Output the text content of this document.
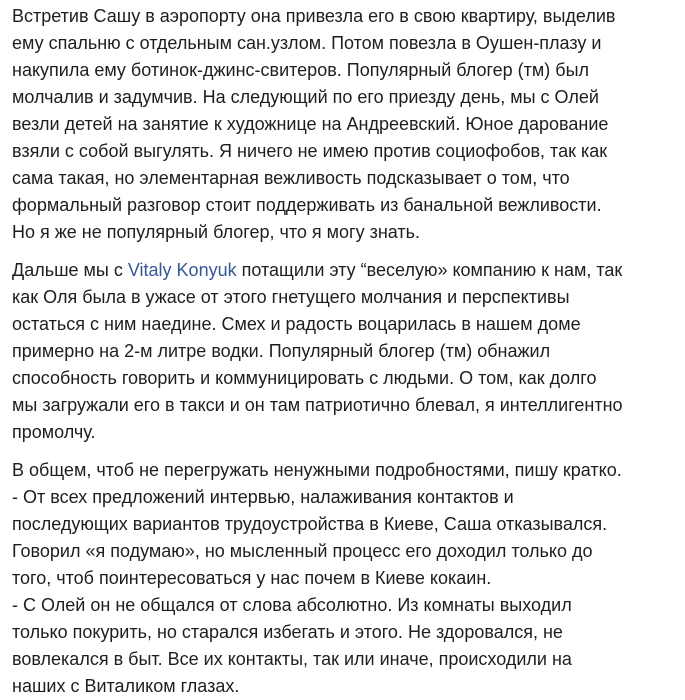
Встретив Сашу в аэропорту она привезла его в свою квартиру, выделив
ему спальню с отдельным сан.узлом. Потом повезла в Оушен-плазу и
накупила ему ботинок-джинс-свитеров. Популярный блогер (тм) был
молчалив и задумчив. На следующий по его приезду день, мы с Олей
везли детей на занятие к художнице на Андреевский. Юное дарование
взяли с собой выгулять. Я ничего не имею против социофобов, так как
сама такая, но элементарная вежливость подсказывает о том, что
формальный разговор стоит поддерживать из банальной вежливости.
Но я же не популярный блогер, что я могу знать.

Дальше мы с Vitaly Konyuk потащили эту “веселую» компанию к нам, так
как Оля была в ужасе от этого гнетущего молчания и перспективы
остаться с ним наедине. Смех и радость воцарилась в нашем доме
примерно на 2-м литре водки. Популярный блогер (тм) обнажил
способность говорить и коммуницировать с людьми. О том, как долго
мы загружали его в такси и он там патриотично блевал, я интеллигентно
промолчу.

В общем, чтоб не перегружать ненужными подробностями, пишу кратко.
- От всех предложений интервью, налаживания контактов и
последующих вариантов трудоустройства в Киеве, Саша отказывался.
Говорил «я подумаю», но мысленный процесс его доходил только до
того, чтоб поинтересоваться у нас почем в Киеве кокаин.
- С Олей он не общался от слова абсолютно. Из комнаты выходил
только покурить, но старался избегать и этого. Не здоровался, не
вовлекался в быт. Все их контакты, так или иначе, происходили на
наших с Виталиком глазах.
